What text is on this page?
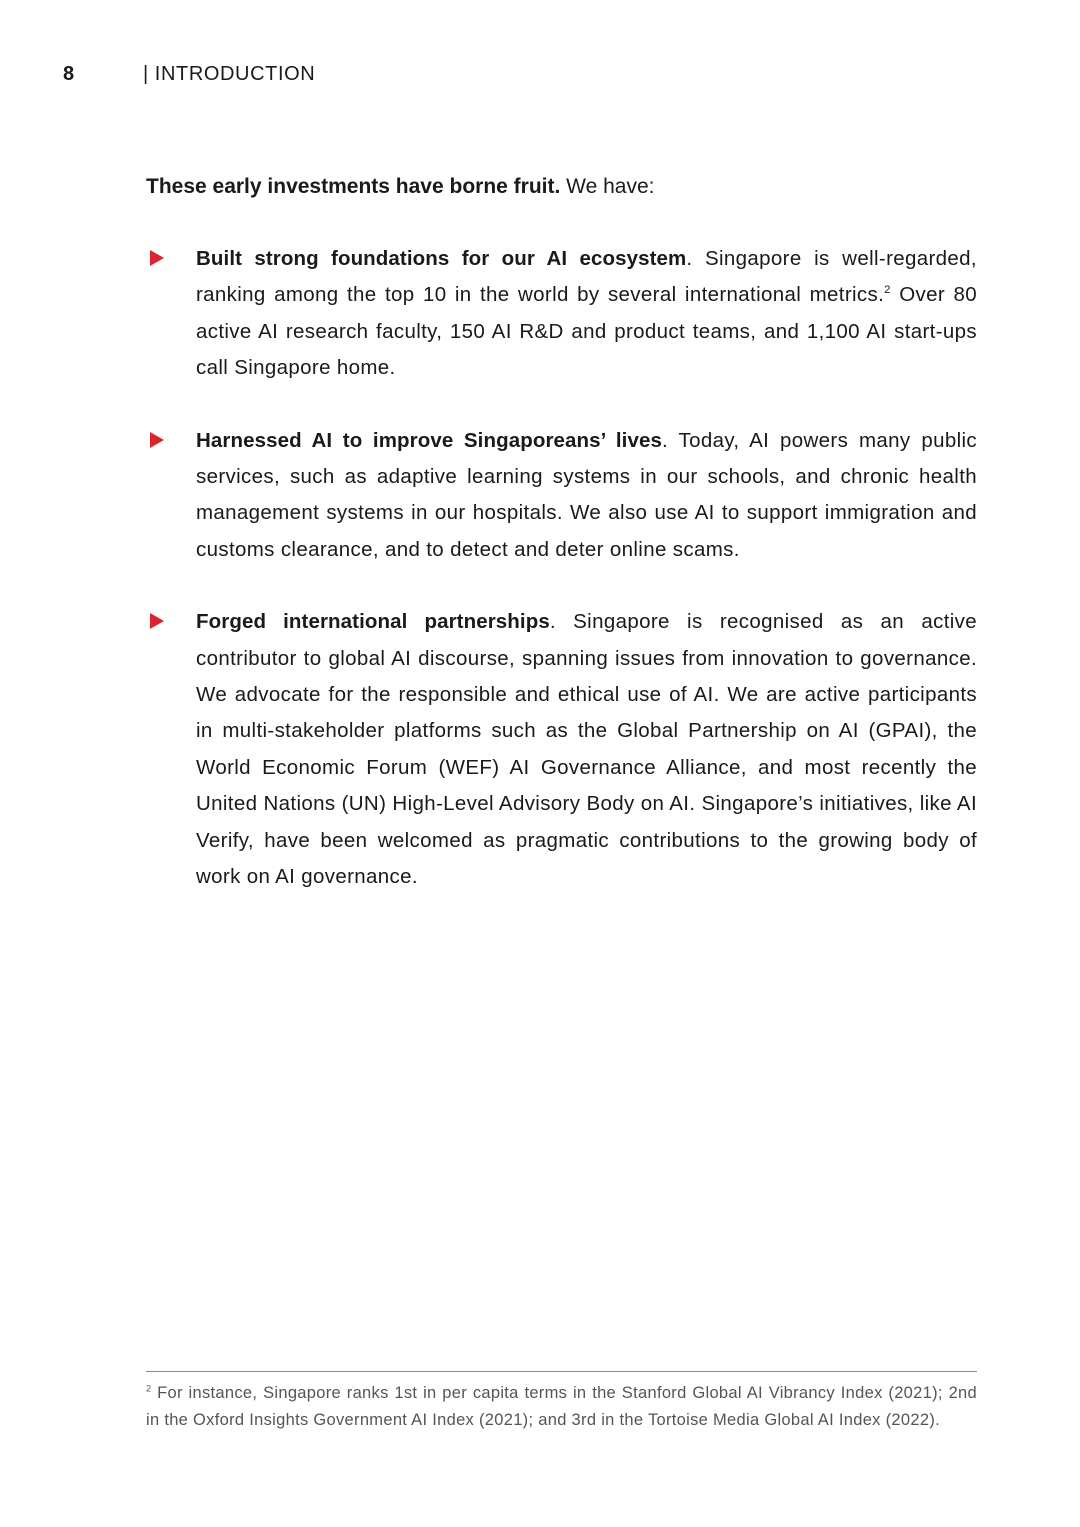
8	| INTRODUCTION

These early investments have borne fruit. We have:

Built strong foundations for our AI ecosystem. Singapore is well-regarded, ranking among the top 10 in the world by several international metrics.$^2$ Over 80 active AI research faculty, 150 AI R&D and product teams, and 1,100 AI start-ups call Singapore home.

Harnessed AI to improve Singaporeans’ lives. Today, AI powers many public services, such as adaptive learning systems in our schools, and chronic health management systems in our hospitals. We also use AI to support immigration and customs clearance, and to detect and deter online scams.

Forged international partnerships. Singapore is recognised as an active contributor to global AI discourse, spanning issues from innovation to governance. We advocate for the responsible and ethical use of AI. We are active participants in multi-stakeholder platforms such as the Global Partnership on AI (GPAI), the World Economic Forum (WEF) AI Governance Alliance, and most recently the United Nations (UN) High-Level Advisory Body on AI. Singapore’s initiatives, like AI Verify, have been welcomed as pragmatic contributions to the growing body of work on AI governance.

$^2$ For instance, Singapore ranks 1st in per capita terms in the Stanford Global AI Vibrancy Index (2021); 2nd in the Oxford Insights Government AI Index (2021); and 3rd in the Tortoise Media Global AI Index (2022).
